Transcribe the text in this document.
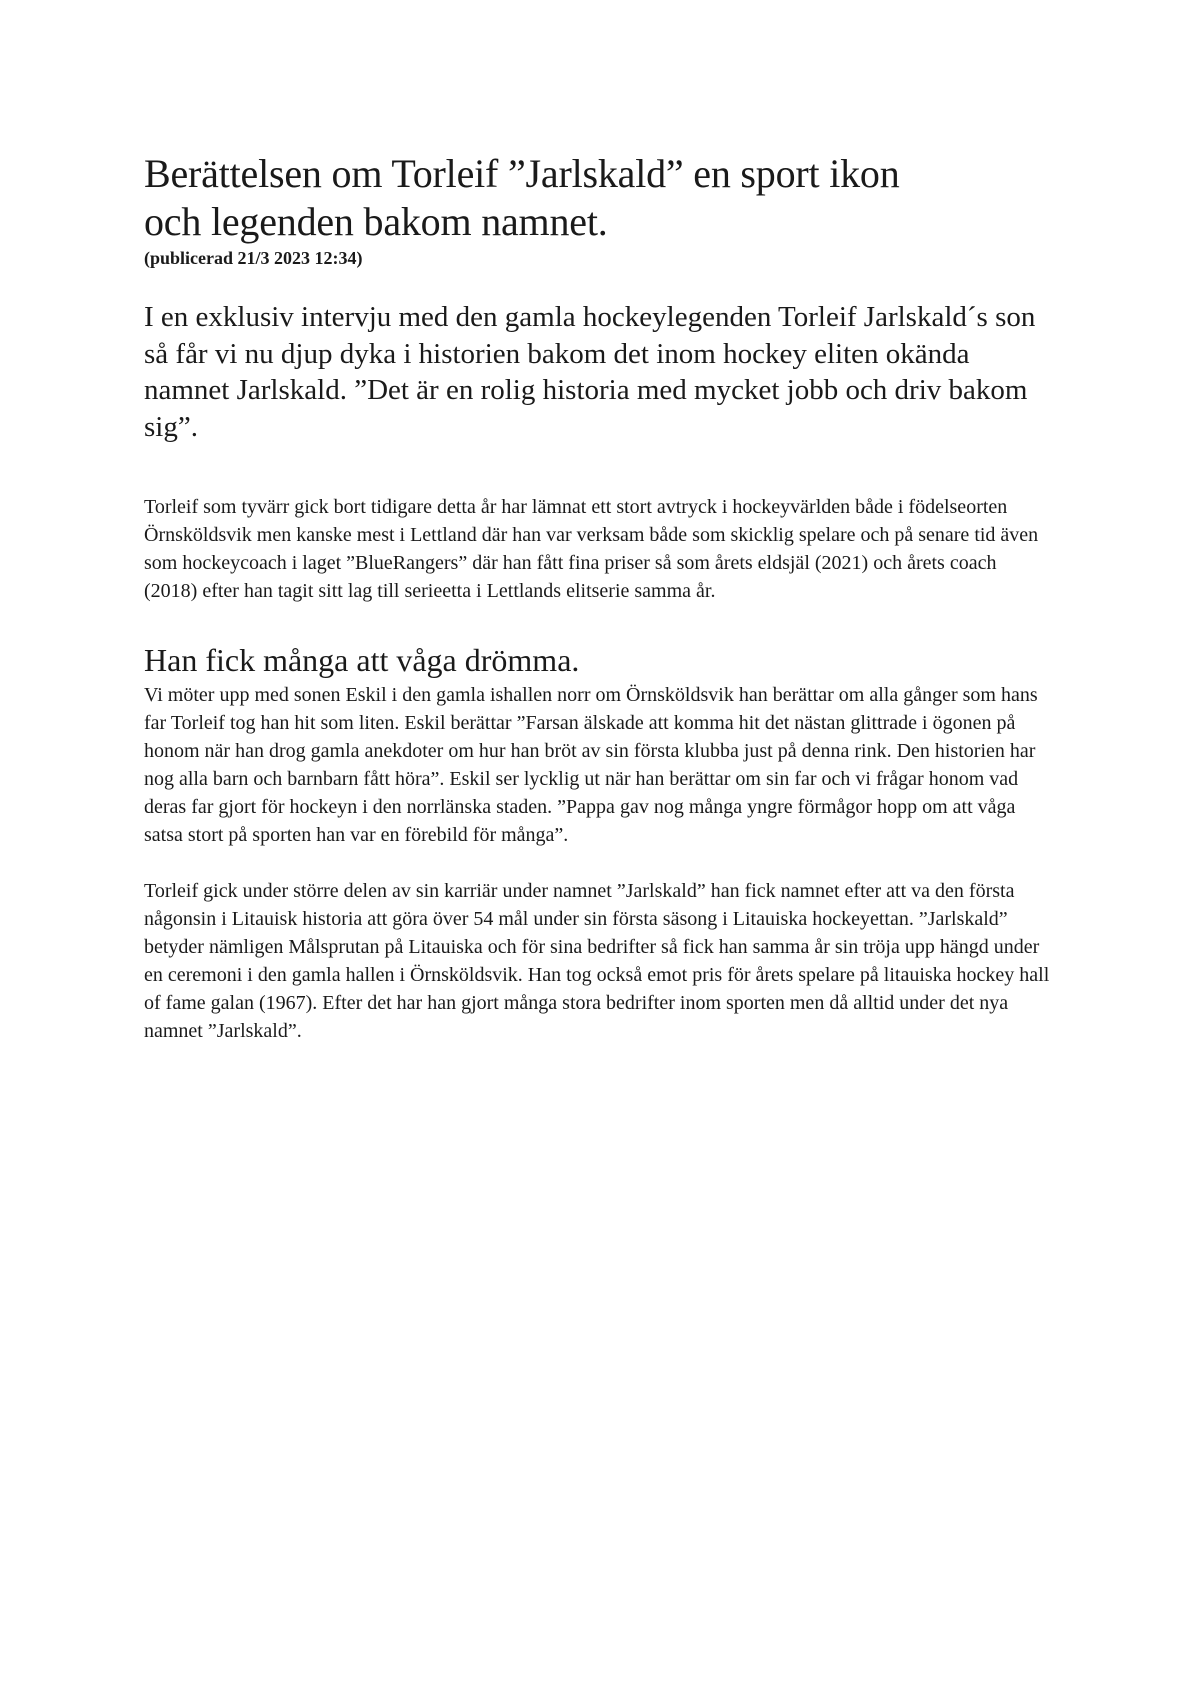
Berättelsen om Torleif ”Jarlskald” en sport ikon
och legenden bakom namnet.

(publicerad 21/3 2023 12:34)

I en exklusiv intervju med den gamla hockeylegenden Torleif Jarlskald´s son så får vi nu djup dyka i historien bakom det inom hockey eliten okända namnet Jarlskald. ”Det är en rolig historia med mycket jobb och driv bakom sig”.

Torleif som tyvärr gick bort tidigare detta år har lämnat ett stort avtryck i hockeyvärlden både i födelseorten Örnsköldsvik men kanske mest i Lettland där han var verksam både som skicklig spelare och på senare tid även som hockeycoach i laget ”BlueRangers” där han fått fina priser så som årets eldsjäl (2021) och årets coach (2018) efter han tagit sitt lag till serieetta i Lettlands elitserie samma år.

Han fick många att våga drömma.

Vi möter upp med sonen Eskil i den gamla ishallen norr om Örnsköldsvik han berättar om alla gånger som hans far Torleif tog han hit som liten. Eskil berättar ”Farsan älskade att komma hit det nästan glittrade i ögonen på honom när han drog gamla anekdoter om hur han bröt av sin första klubba just på denna rink. Den historien har nog alla barn och barnbarn fått höra”. Eskil ser lycklig ut när han berättar om sin far och vi frågar honom vad deras far gjort för hockeyn i den norrlänska staden. ”Pappa gav nog många yngre förmågor hopp om att våga satsa stort på sporten han var en förebild för många”.

Torleif gick under större delen av sin karriär under namnet ”Jarlskald” han fick namnet efter att va den första någonsin i Litauisk historia att göra över 54 mål under sin första säsong i Litauiska hockeyettan. ”Jarlskald” betyder nämligen Målsprutan på Litauiska och för sina bedrifter så fick han samma år sin tröja upp hängd under en ceremoni i den gamla hallen i Örnsköldsvik. Han tog också emot pris för årets spelare på litauiska hockey hall of fame galan (1967). Efter det har han gjort många stora bedrifter inom sporten men då alltid under det nya namnet ”Jarlskald”.
